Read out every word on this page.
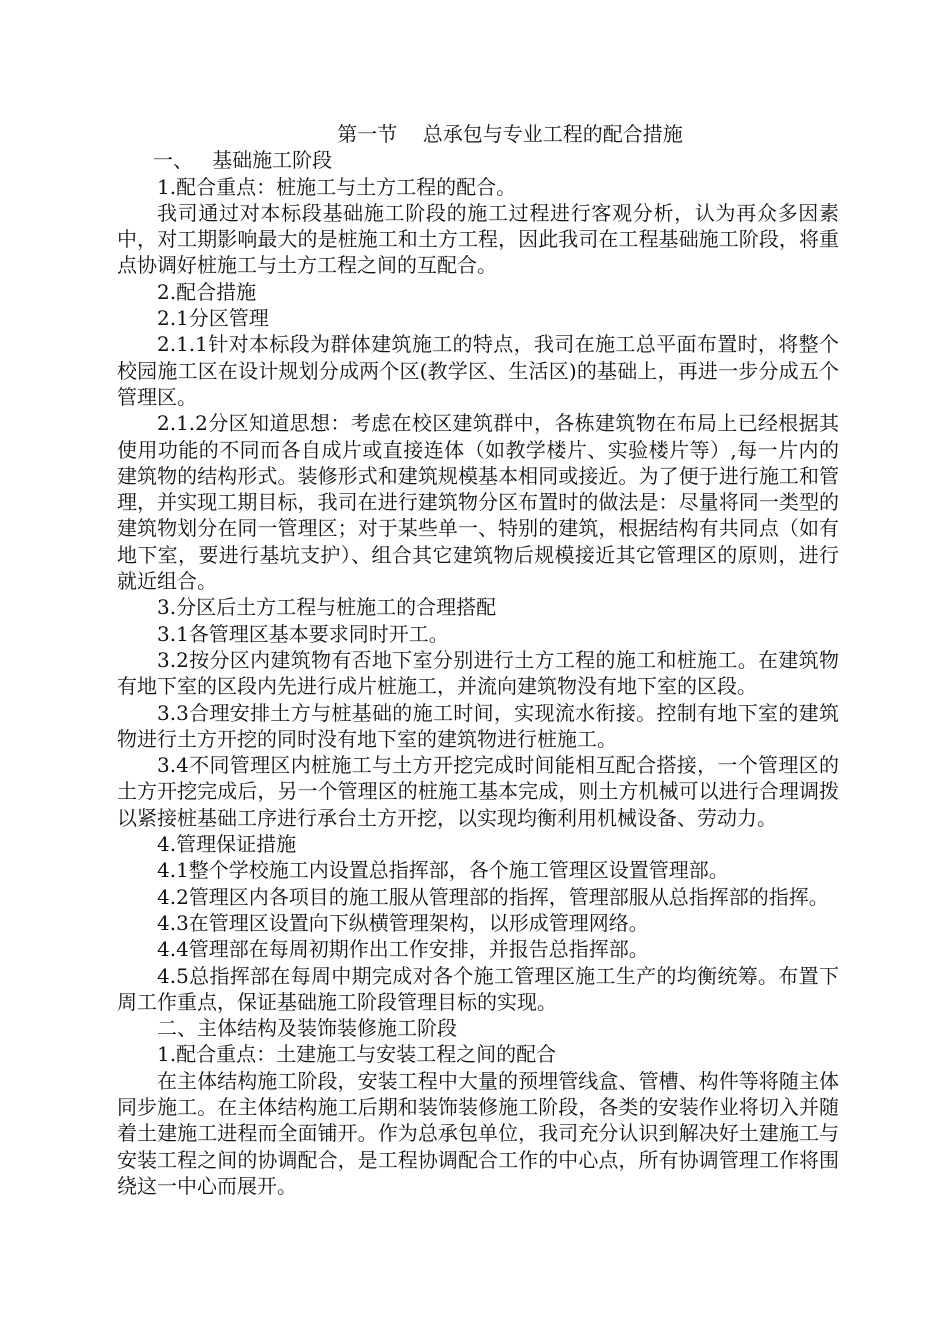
第一节    总承包与专业工程的配合措施

一、   基础施工阶段

1.配合重点：桩施工与土方工程的配合。

我司通过对本标段基础施工阶段的施工过程进行客观分析，认为再众多因素中，对工期影响最大的是桩施工和土方工程，因此我司在工程基础施工阶段，将重点协调好桩施工与土方工程之间的互配合。

2.配合措施

2.1分区管理

2.1.1针对本标段为群体建筑施工的特点，我司在施工总平面布置时，将整个校园施工区在设计规划分成两个区(教学区、生活区)的基础上，再进一步分成五个管理区。

2.1.2分区知道思想：考虑在校区建筑群中，各栋建筑物在布局上已经根据其使用功能的不同而各自成片或直接连体（如教学楼片、实验楼片等）,每一片内的建筑物的结构形式。装修形式和建筑规模基本相同或接近。为了便于进行施工和管理，并实现工期目标，我司在进行建筑物分区布置时的做法是：尽量将同一类型的建筑物划分在同一管理区；对于某些单一、特别的建筑，根据结构有共同点（如有地下室，要进行基坑支护）、组合其它建筑物后规模接近其它管理区的原则，进行就近组合。

3.分区后土方工程与桩施工的合理搭配

3.1各管理区基本要求同时开工。

3.2按分区内建筑物有否地下室分别进行土方工程的施工和桩施工。在建筑物有地下室的区段内先进行成片桩施工，并流向建筑物没有地下室的区段。

3.3合理安排土方与桩基础的施工时间，实现流水衔接。控制有地下室的建筑物进行土方开挖的同时没有地下室的建筑物进行桩施工。

3.4不同管理区内桩施工与土方开挖完成时间能相互配合搭接，一个管理区的土方开挖完成后，另一个管理区的桩施工基本完成，则土方机械可以进行合理调拨以紧接桩基础工序进行承台土方开挖，以实现均衡利用机械设备、劳动力。

4.管理保证措施

4.1整个学校施工内设置总指挥部，各个施工管理区设置管理部。

4.2管理区内各项目的施工服从管理部的指挥，管理部服从总指挥部的指挥。

4.3在管理区设置向下纵横管理架构，以形成管理网络。

4.4管理部在每周初期作出工作安排，并报告总指挥部。

4.5总指挥部在每周中期完成对各个施工管理区施工生产的均衡统筹。布置下周工作重点，保证基础施工阶段管理目标的实现。

二、主体结构及装饰装修施工阶段

1.配合重点：土建施工与安装工程之间的配合

在主体结构施工阶段，安装工程中大量的预埋管线盒、管槽、构件等将随主体同步施工。在主体结构施工后期和装饰装修施工阶段，各类的安装作业将切入并随着土建施工进程而全面铺开。作为总承包单位，我司充分认识到解决好土建施工与安装工程之间的协调配合，是工程协调配合工作的中心点，所有协调管理工作将围绕这一中心而展开。
